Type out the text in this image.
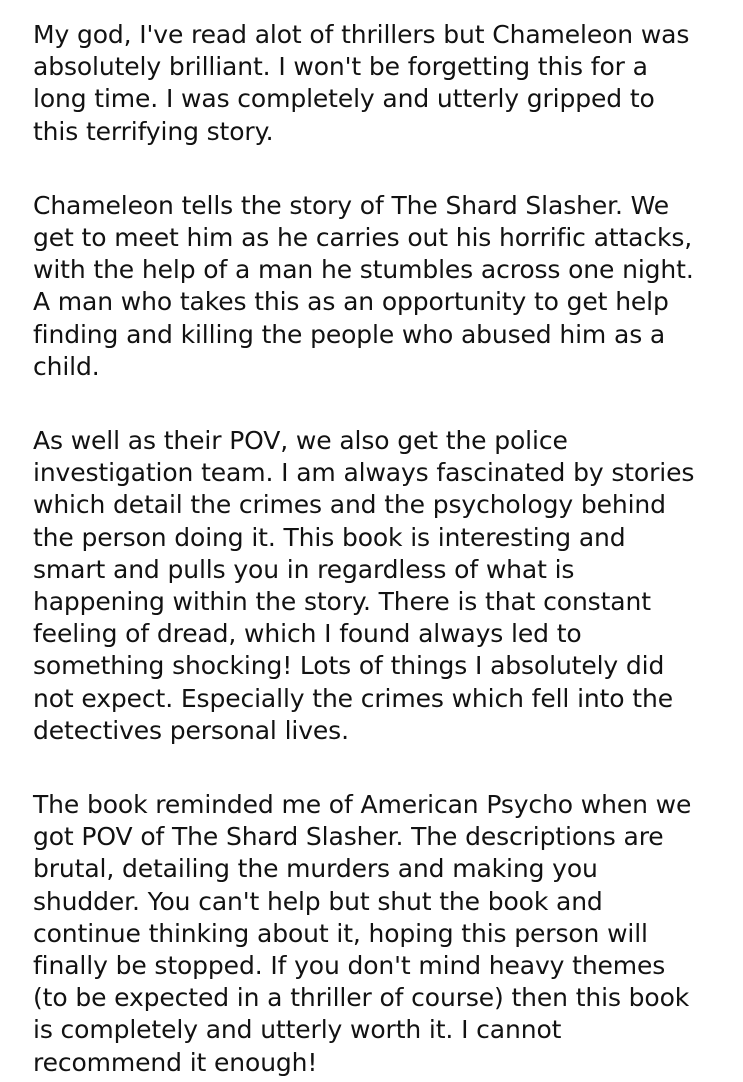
My god, I've read alot of thrillers but Chameleon was
absolutely brilliant. I won't be forgetting this for a
long time. I was completely and utterly gripped to
this terrifying story.

Chameleon tells the story of The Shard Slasher. We
get to meet him as he carries out his horrific attacks,
with the help of a man he stumbles across one night.
A man who takes this as an opportunity to get help
finding and killing the people who abused him as a
child.

As well as their POV, we also get the police
investigation team. I am always fascinated by stories
which detail the crimes and the psychology behind
the person doing it. This book is interesting and
smart and pulls you in regardless of what is
happening within the story. There is that constant
feeling of dread, which I found always led to
something shocking! Lots of things I absolutely did
not expect. Especially the crimes which fell into the
detectives personal lives.

The book reminded me of American Psycho when we
got POV of The Shard Slasher. The descriptions are
brutal, detailing the murders and making you
shudder. You can't help but shut the book and
continue thinking about it, hoping this person will
finally be stopped. If you don't mind heavy themes
(to be expected in a thriller of course) then this book
is completely and utterly worth it. I cannot
recommend it enough!
